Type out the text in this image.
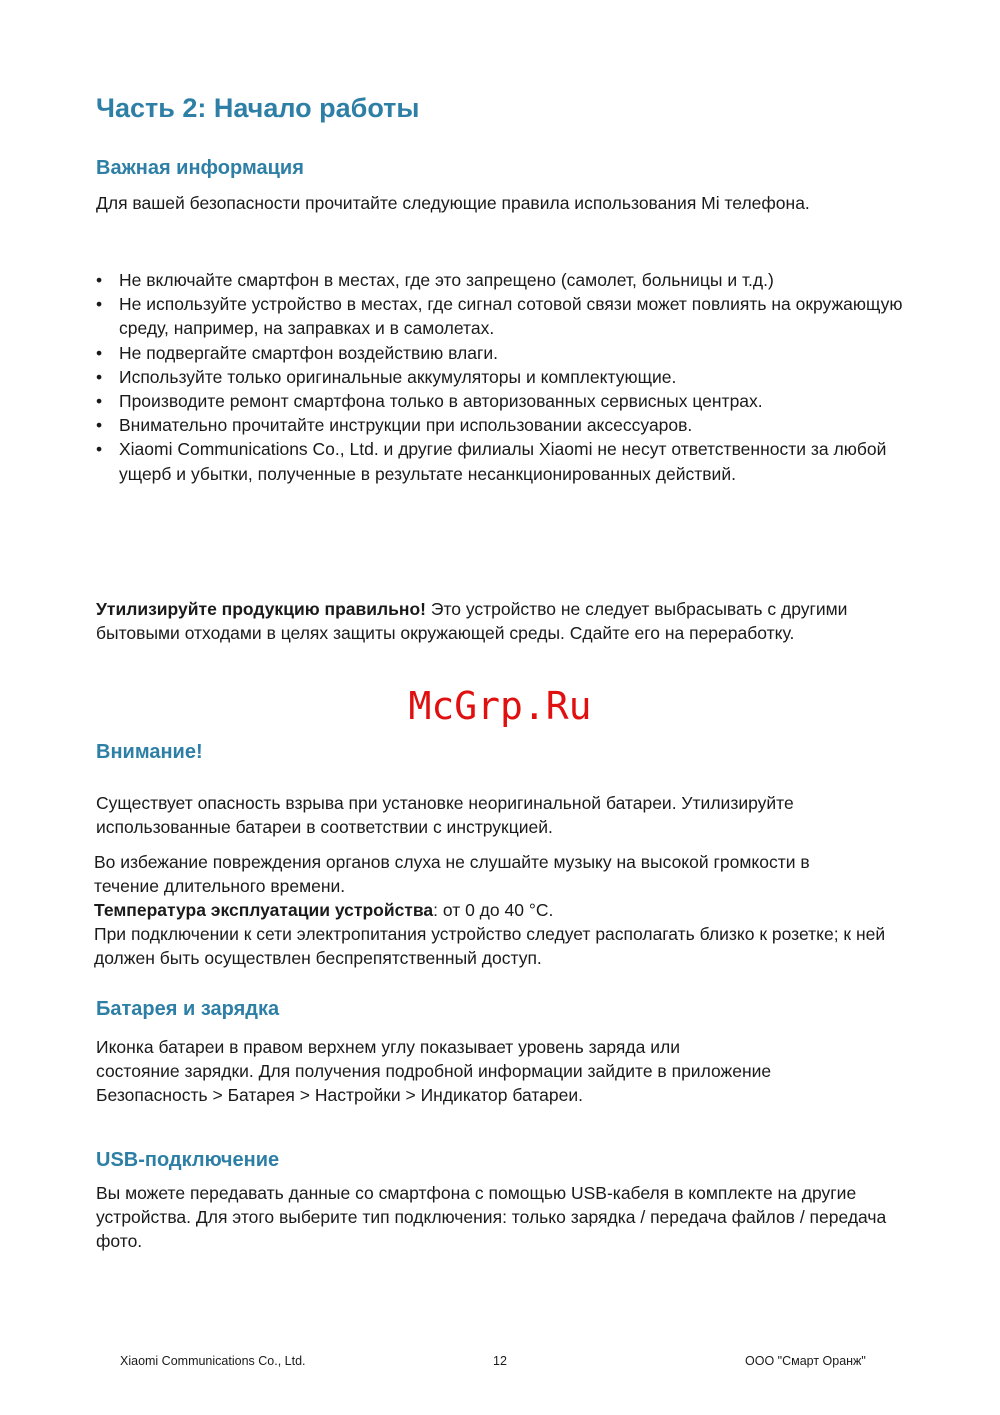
Часть 2: Начало работы
Важная информация

Для вашей безопасности прочитайте следующие правила использования Mi телефона.

• Не включайте смартфон в местах, где это запрещено (самолет, больницы и т.д.)
• Не используйте устройство в местах, где сигнал сотовой связи может повлиять на окружающую среду, например, на заправках и в самолетах.
• Не подвергайте смартфон воздействию влаги.
• Используйте только оригинальные аккумуляторы и комплектующие.
• Производите ремонт смартфона только в авторизованных сервисных центрах.
• Внимательно прочитайте инструкции при использовании аксессуаров.
• Xiaomi Communications Co., Ltd. и другие филиалы Xiaomi не несут ответственности за любой ущерб и убытки, полученные в результате несанкционированных действий.

Утилизируйте продукцию правильно! Это устройство не следует выбрасывать с другими бытовыми отходами в целях защиты окружающей среды. Сдайте его на переработку.

McGrp.Ru
Внимание!

Существует опасность взрыва при установке неоригинальной батареи. Утилизируйте использованные батареи в соответствии с инструкцией.

Во избежание повреждения органов слуха не слушайте музыку на высокой громкости в течение длительного времени.

Температура эксплуатации устройства: от 0 до 40 °C.

При подключении к сети электропитания устройство следует располагать близко к розетке; к ней должен быть осуществлен беспрепятственный доступ.

Батарея и зарядка

Иконка батареи в правом верхнем углу показывает уровень заряда или
состояние зарядки. Для получения подробной информации зайдите в приложение
Безопасность > Батарея > Настройки > Индикатор батареи.

USB-подключение

Вы можете передавать данные со смартфона с помощью USB-кабеля в комплекте на другие устройства. Для этого выберите тип подключения: только зарядка / передача файлов / передача фото.

Xiaomi Communications Co., Ltd.	12	ООО "Смарт Оранж"
